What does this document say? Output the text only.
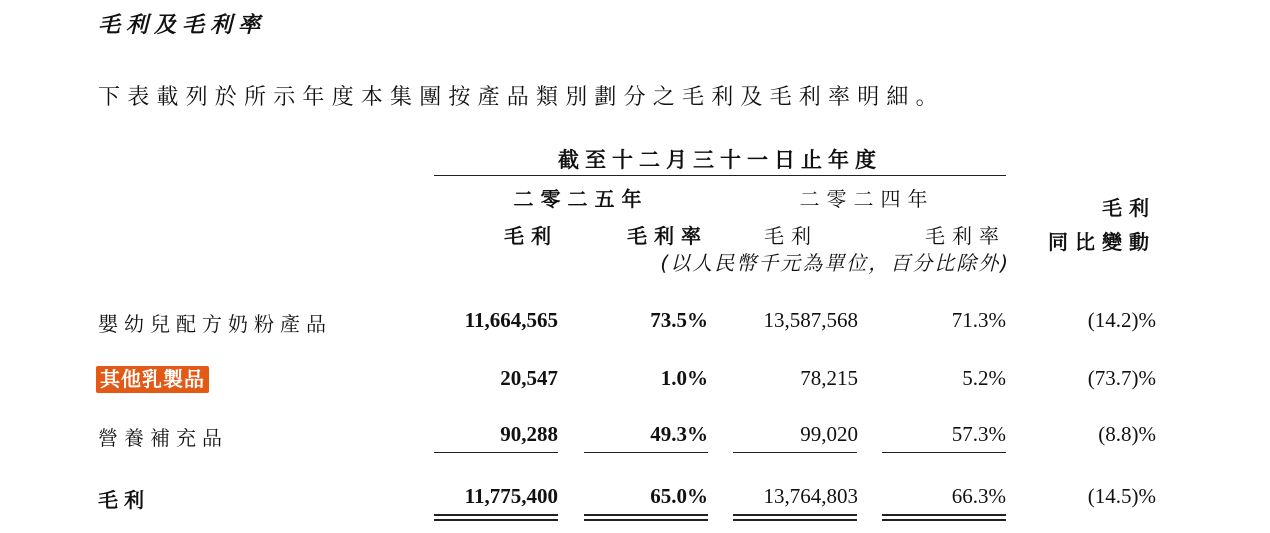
毛利及毛利率
下表載列於所示年度本集團按產品類別劃分之毛利及毛利率明細。
截至十二月三十一日止年度
二零二五年	二零二四年
毛利	毛利率	毛利	毛利率
毛利
同比變動
(以人民幣千元為單位，百分比除外)
嬰幼兒配方奶粉產品	11,664,565	73.5%	13,587,568	71.3%	(14.2)%
其他乳製品	20,547	1.0%	78,215	5.2%	(73.7)%
營養補充品	90,288	49.3%	99,020	57.3%	(8.8)%
毛利	11,775,400	65.0%	13,764,803	66.3%	(14.5)%
